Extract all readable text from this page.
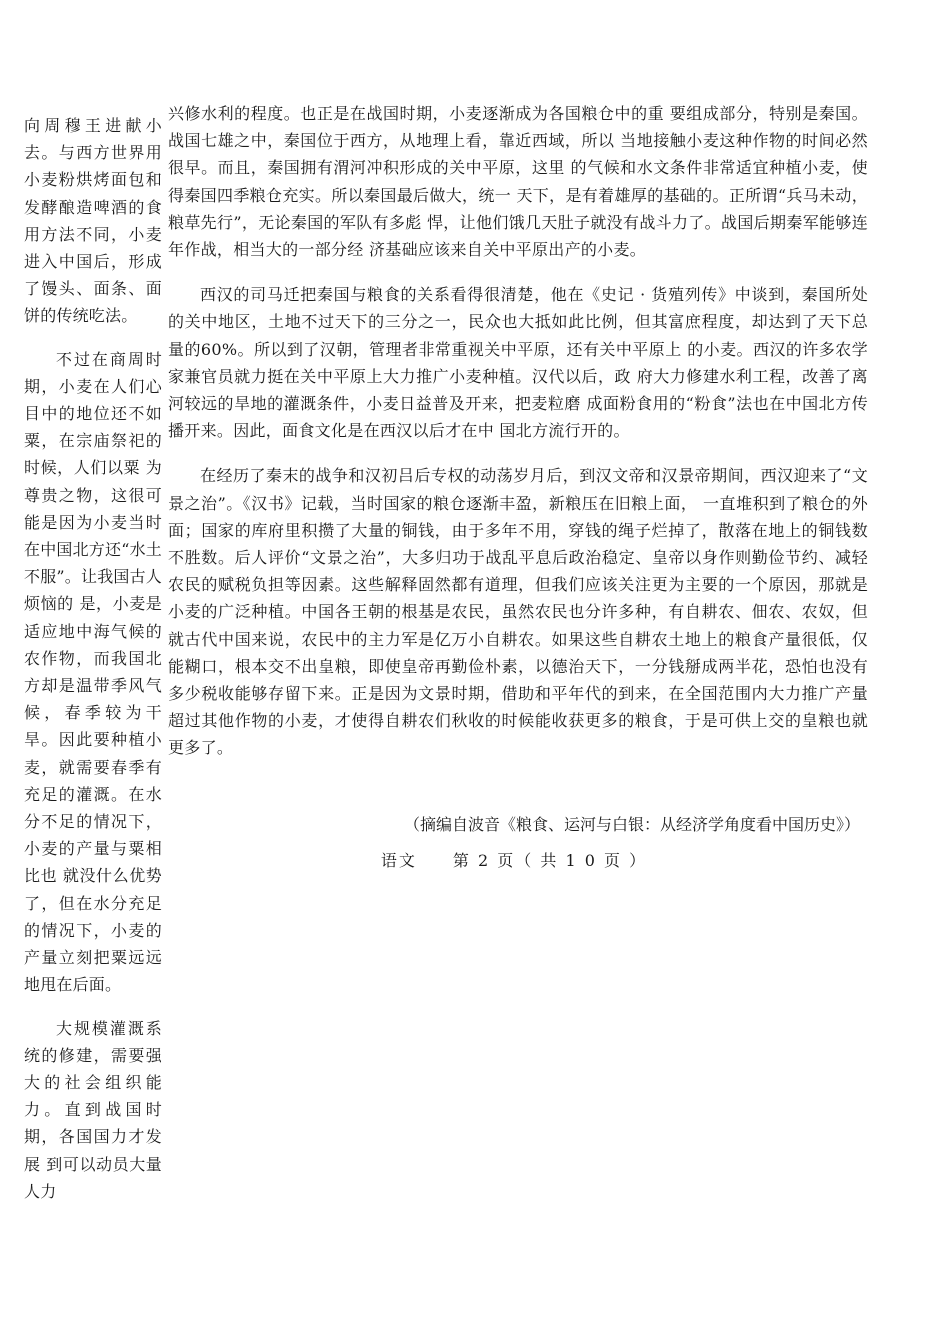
向周穆王进献小去。与西方世界用小麦粉烘烤面包和发酵酿造啤酒的食用方法不同，小麦 进入中国后，形成了馒头、面条、面饼的传统吃法。

不过在商周时期，小麦在人们心目中的地位还不如粟，在宗庙祭祀的时候，人们以粟 为尊贵之物，这很可能是因为小麦当时在中国北方还“水土不服”。让我国古人烦恼的 是，小麦是适应地中海气候的农作物，而我国北方却是温带季风气候，春季较为干旱。因此要种植小麦，就需要春季有充足的灌溉。在水分不足的情况下，小麦的产量与粟相比也 就没什么优势了，但在水分充足的情况下，小麦的产量立刻把粟远远地甩在后面。

大规模灌溉系统的修建，需要强大的社会组织能力。直到战国时期，各国国力才发展 到可以动员大量人力

兴修水利的程度。也正是在战国时期，小麦逐渐成为各国粮仓中的重 要组成部分，特别是秦国。战国七雄之中，秦国位于西方，从地理上看，靠近西域，所以 当地接触小麦这种作物的时间必然很早。而且，秦国拥有渭河冲积形成的关中平原，这里 的气候和水文条件非常适宜种植小麦，使得秦国四季粮仓充实。所以秦国最后做大，统一 天下，是有着雄厚的基础的。正所谓“兵马未动，粮草先行”，无论秦国的军队有多彪 悍，让他们饿几天肚子就没有战斗力了。战国后期秦军能够连年作战，相当大的一部分经 济基础应该来自关中平原出产的小麦。

西汉的司马迁把秦国与粮食的关系看得很清楚，他在《史记 · 货殖列传》中谈到，秦国所处的关中地区，土地不过天下的三分之一，民众也大抵如此比例，但其富庶程度，却达到了天下总量的60%。所以到了汉朝，管理者非常重视关中平原，还有关中平原上 的小麦。西汉的许多农学家兼官员就力挺在关中平原上大力推广小麦种植。汉代以后，政 府大力修建水利工程，改善了离河较远的旱地的灌溉条件，小麦日益普及开来，把麦粒磨 成面粉食用的“粉食”法也在中国北方传播开来。因此，面食文化是在西汉以后才在中 国北方流行开的。

在经历了秦末的战争和汉初吕后专权的动荡岁月后，到汉文帝和汉景帝期间，西汉迎来了“文景之治”。《汉书》记载，当时国家的粮仓逐渐丰盈，新粮压在旧粮上面， 一直堆积到了粮仓的外面；国家的库府里积攒了大量的铜钱，由于多年不用，穿钱的绳子烂掉了，散落在地上的铜钱数不胜数。后人评价“文景之治”，大多归功于战乱平息后政治稳定、皇帝以身作则勤俭节约、减轻农民的赋税负担等因素。这些解释固然都有道理，但我们应该关注更为主要的一个原因，那就是小麦的广泛种植。中国各王朝的根基是农民，虽然农民也分许多种，有自耕农、佃农、农奴，但就古代中国来说，农民中的主力军是亿万小自耕农。如果这些自耕农土地上的粮食产量很低，仅能糊口，根本交不出皇粮，即使皇帝再勤俭朴素，以德治天下，一分钱掰成两半花，恐怕也没有多少税收能够存留下来。正是因为文景时期，借助和平年代的到来，在全国范围内大力推广产量超过其他作物的小麦，才使得自耕农们秋收的时候能收获更多的粮食，于是可供上交的皇粮也就更多了。

（摘编自波音《粮食、运河与白银：从经济学角度看中国历史》）
语文　　第 2 页（ 共 1 0 页 ）
